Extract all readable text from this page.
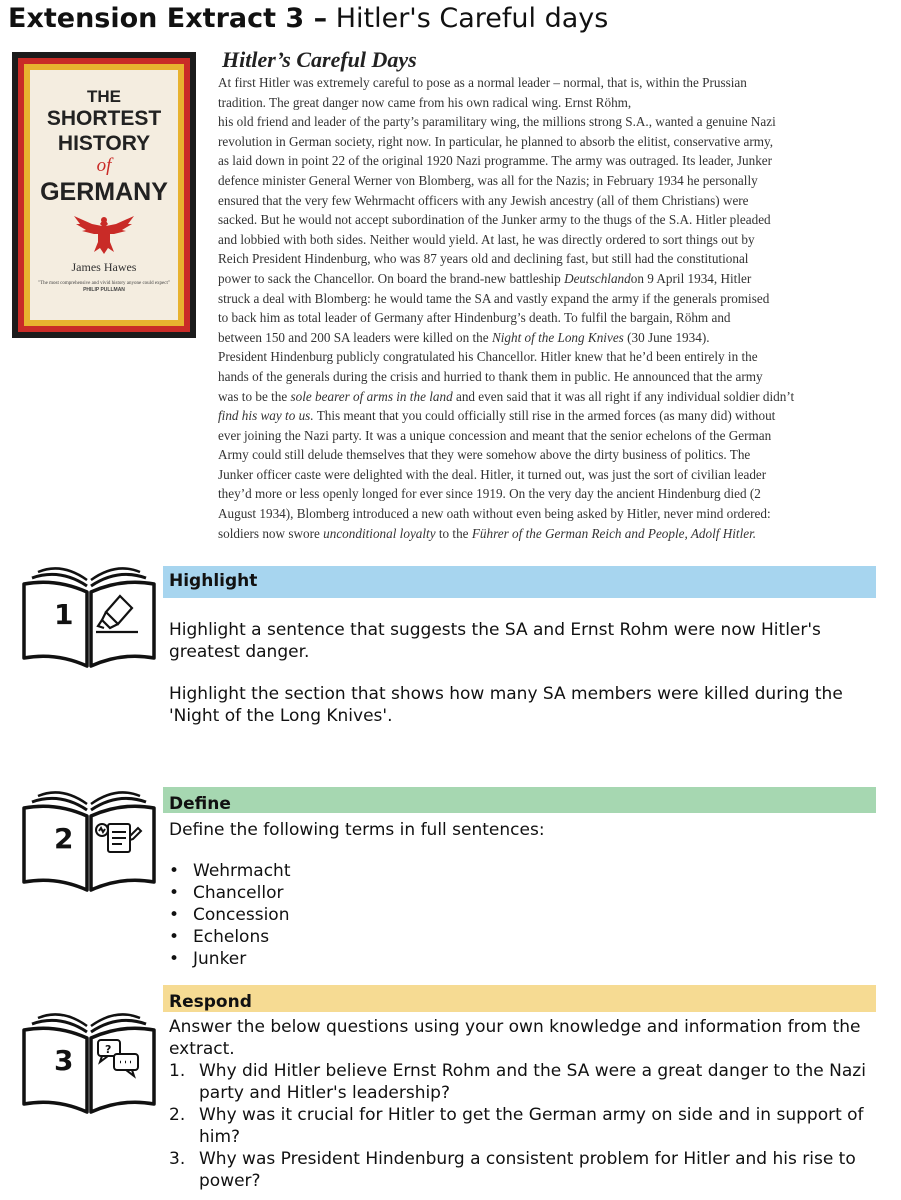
Extension Extract 3 – Hitler's Careful days
THE
SHORTEST
HISTORY
of
GERMANY
James Hawes
"The most comprehensive and vivid history anyone could expect"
PHILIP PULLMAN
Hitler’s Careful Days

At first Hitler was extremely careful to pose as a normal leader – normal, that is, within the Prussian

tradition. The great danger now came from his own radical wing. Ernst Röhm,

his old friend and leader of the party’s paramilitary wing, the millions strong S.A., wanted a genuine Nazi

revolution in German society, right now. In particular, he planned to absorb the elitist, conservative army,

as laid down in point 22 of the original 1920 Nazi programme. The army was outraged. Its leader, Junker

defence minister General Werner von Blomberg, was all for the Nazis; in February 1934 he personally

ensured that the very few Wehrmacht officers with any Jewish ancestry (all of them Christians) were

sacked. But he would not accept subordination of the Junker army to the thugs of the S.A. Hitler pleaded

and lobbied with both sides. Neither would yield. At last, he was directly ordered to sort things out by

Reich President Hindenburg, who was 87 years old and declining fast, but still had the constitutional

power to sack the Chancellor. On board the brand-new battleship Deutschlandon 9 April 1934, Hitler

struck a deal with Blomberg: he would tame the SA and vastly expand the army if the generals promised

to back him as total leader of Germany after Hindenburg’s death. To fulfil the bargain, Röhm and

between 150 and 200 SA leaders were killed on the Night of the Long Knives (30 June 1934).

President Hindenburg publicly congratulated his Chancellor. Hitler knew that he’d been entirely in the

hands of the generals during the crisis and hurried to thank them in public. He announced that the army

was to be the sole bearer of arms in the land and even said that it was all right if any individual soldier didn’t

find his way to us. This meant that you could officially still rise in the armed forces (as many did) without

ever joining the Nazi party. It was a unique concession and meant that the senior echelons of the German

Army could still delude themselves that they were somehow above the dirty business of politics. The

Junker officer caste were delighted with the deal. Hitler, it turned out, was just the sort of civilian leader

they’d more or less openly longed for ever since 1919. On the very day the ancient Hindenburg died (2

August 1934), Blomberg introduced a new oath without even being asked by Hitler, never mind ordered:

soldiers now swore unconditional loyalty to the Führer of the German Reich and People, Adolf Hitler.

1
Highlight
Highlight a sentence that suggests the SA and Ernst Rohm were now Hitler's greatest danger.
Highlight the section that shows how many SA members were killed during the 'Night of the Long Knives'.
2
Define
Define the following terms in full sentences:
• Wehrmacht
• Chancellor
• Concession
• Echelons
• Junker
3	?
Respond
Answer the below questions using your own knowledge and information from the extract.
1. Why did Hitler believe Ernst Rohm and the SA were a great danger to the Nazi party and Hitler's leadership?
2. Why was it crucial for Hitler to get the German army on side and in support of him?
3. Why was President Hindenburg a consistent problem for Hitler and his rise to power?
